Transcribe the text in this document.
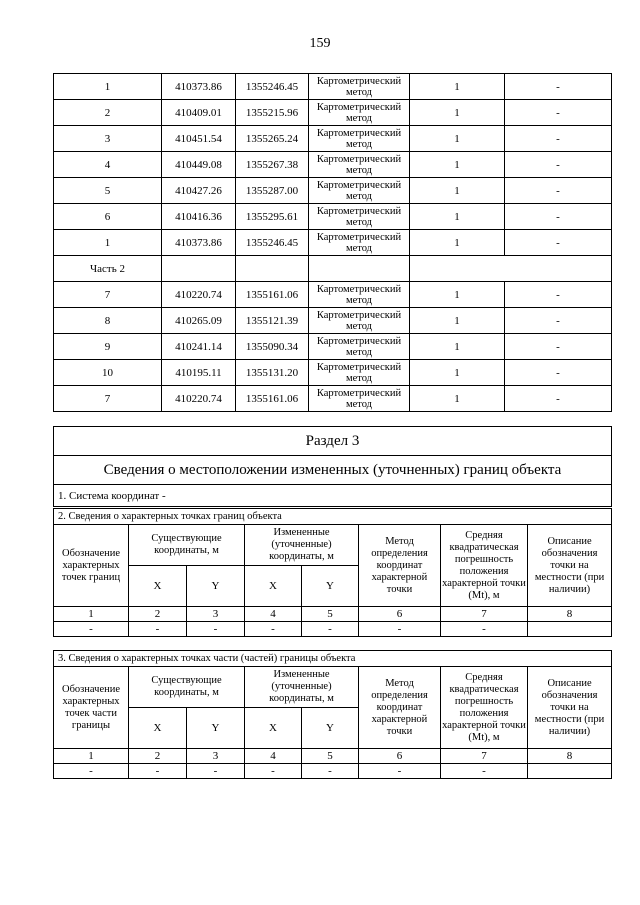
159
1	410373.86	1355246.45	Картометрический метод	1	-
2	410409.01	1355215.96	Картометрический метод	1	-
3	410451.54	1355265.24	Картометрический метод	1	-
4	410449.08	1355267.38	Картометрический метод	1	-
5	410427.26	1355287.00	Картометрический метод	1	-
6	410416.36	1355295.61	Картометрический метод	1	-
1	410373.86	1355246.45	Картометрический метод	1	-
Часть 2					
7	410220.74	1355161.06	Картометрический метод	1	-
8	410265.09	1355121.39	Картометрический метод	1	-
9	410241.14	1355090.34	Картометрический метод	1	-
10	410195.11	1355131.20	Картометрический метод	1	-
7	410220.74	1355161.06	Картометрический метод	1	-
Раздел 3
Сведения о местоположении измененных (уточненных) границ объекта
1. Система координат -
2. Сведения о характерных точках границ объекта							
Обозначение характерных точек границ	Существующие координаты, м		Измененные (уточненные) координаты, м		Метод определения координат характерной точки	Средняя квадратическая погрешность положения характерной точки (Mt), м	Описание обозначения точки на местности (при наличии)
	X	Y	X	Y			
1	2	3	4	5	6	7	8
-	-	-	-	-	-	-	
3. Сведения о характерных точках части (частей) границы объекта							
Обозначение характерных точек части границы	Существующие координаты, м		Измененные (уточненные) координаты, м		Метод определения координат характерной точки	Средняя квадратическая погрешность положения характерной точки (Mt), м	Описание обозначения точки на местности (при наличии)
	X	Y	X	Y			
1	2	3	4	5	6	7	8
-	-	-	-	-	-	-	
